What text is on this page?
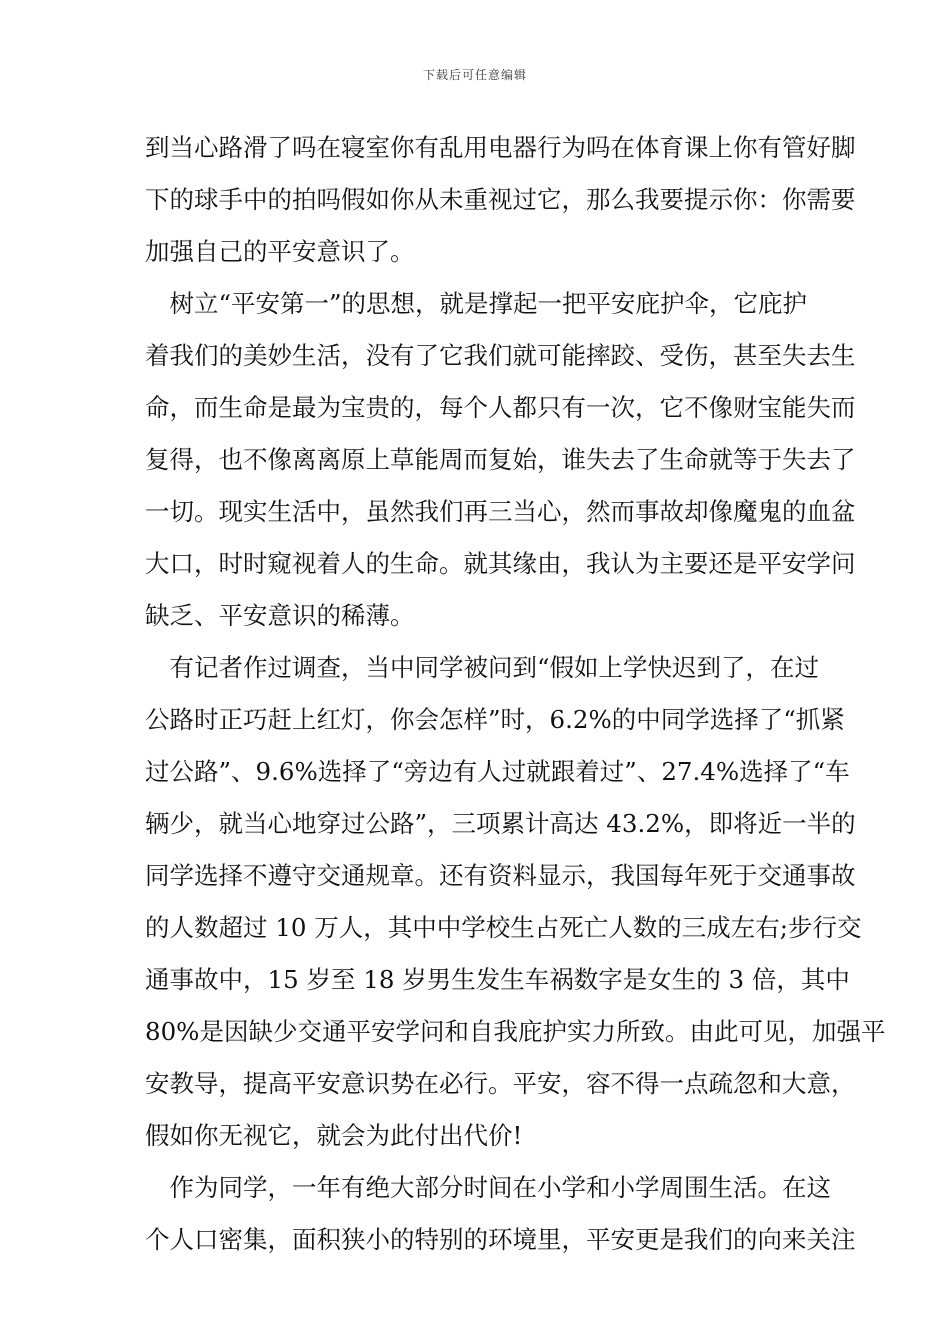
下载后可任意编辑
到当心路滑了吗在寝室你有乱用电器行为吗在体育课上你有管好脚
下的球手中的拍吗假如你从未重视过它，那么我要提示你：你需要
加强自己的平安意识了。
　树立“平安第一”的思想，就是撑起一把平安庇护伞，它庇护
着我们的美妙生活，没有了它我们就可能摔跤、受伤，甚至失去生
命，而生命是最为宝贵的，每个人都只有一次，它不像财宝能失而
复得，也不像离离原上草能周而复始，谁失去了生命就等于失去了
一切。现实生活中，虽然我们再三当心，然而事故却像魔鬼的血盆
大口，时时窥视着人的生命。就其缘由，我认为主要还是平安学问
缺乏、平安意识的稀薄。
　有记者作过调查，当中同学被问到“假如上学快迟到了，在过
公路时正巧赶上红灯，你会怎样”时，6.2%的中同学选择了“抓紧
过公路”、9.6%选择了“旁边有人过就跟着过”、27.4%选择了“车
辆少，就当心地穿过公路”，三项累计高达 43.2%，即将近一半的
同学选择不遵守交通规章。还有资料显示，我国每年死于交通事故
的人数超过 10 万人，其中中学校生占死亡人数的三成左右;步行交
通事故中，15 岁至 18 岁男生发生车祸数字是女生的 3 倍，其中
80%是因缺少交通平安学问和自我庇护实力所致。由此可见，加强平
安教导，提高平安意识势在必行。平安，容不得一点疏忽和大意，
假如你无视它，就会为此付出代价!
　作为同学，一年有绝大部分时间在小学和小学周围生活。在这
个人口密集，面积狭小的特别的环境里，平安更是我们的向来关注
